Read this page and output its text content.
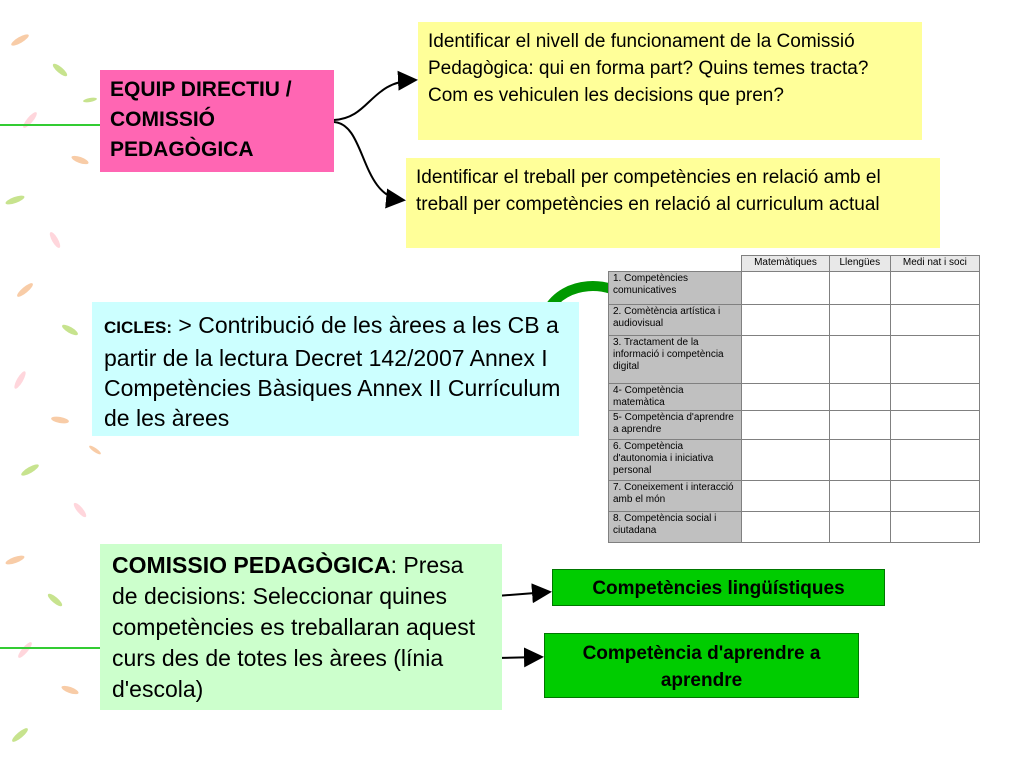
EQUIP DIRECTIU / COMISSIÓ PEDAGÒGICA
Identificar el nivell de funcionament de la Comissió Pedagògica: qui en forma part? Quins temes tracta? Com es vehiculen les decisions que pren?
Identificar el treball per competències en relació amb el treball per competències en relació al curriculum actual
CICLES: > Contribució de les àrees a les CB a partir de la lectura Decret 142/2007 Annex I Competències Bàsiques Annex II Currículum de les àrees
	Matemàtiques	Llengües	Medi nat i soci
1. Competències comunicatives			
2. Comètència artística i audiovisual			
3. Tractament de la informació i competència digital			
4- Competència matemàtica			
5- Competència d'aprendre a aprendre			
6. Competència d'autonomia i iniciativa personal			
7. Coneixement i interacció amb el món			
8. Competència social i ciutadana			
COMISSIO PEDAGÒGICA: Presa de decisions: Seleccionar quines competències es treballaran aquest curs des de totes les àrees (línia d'escola)
Competències lingüístiques
Competència d'aprendre a aprendre
